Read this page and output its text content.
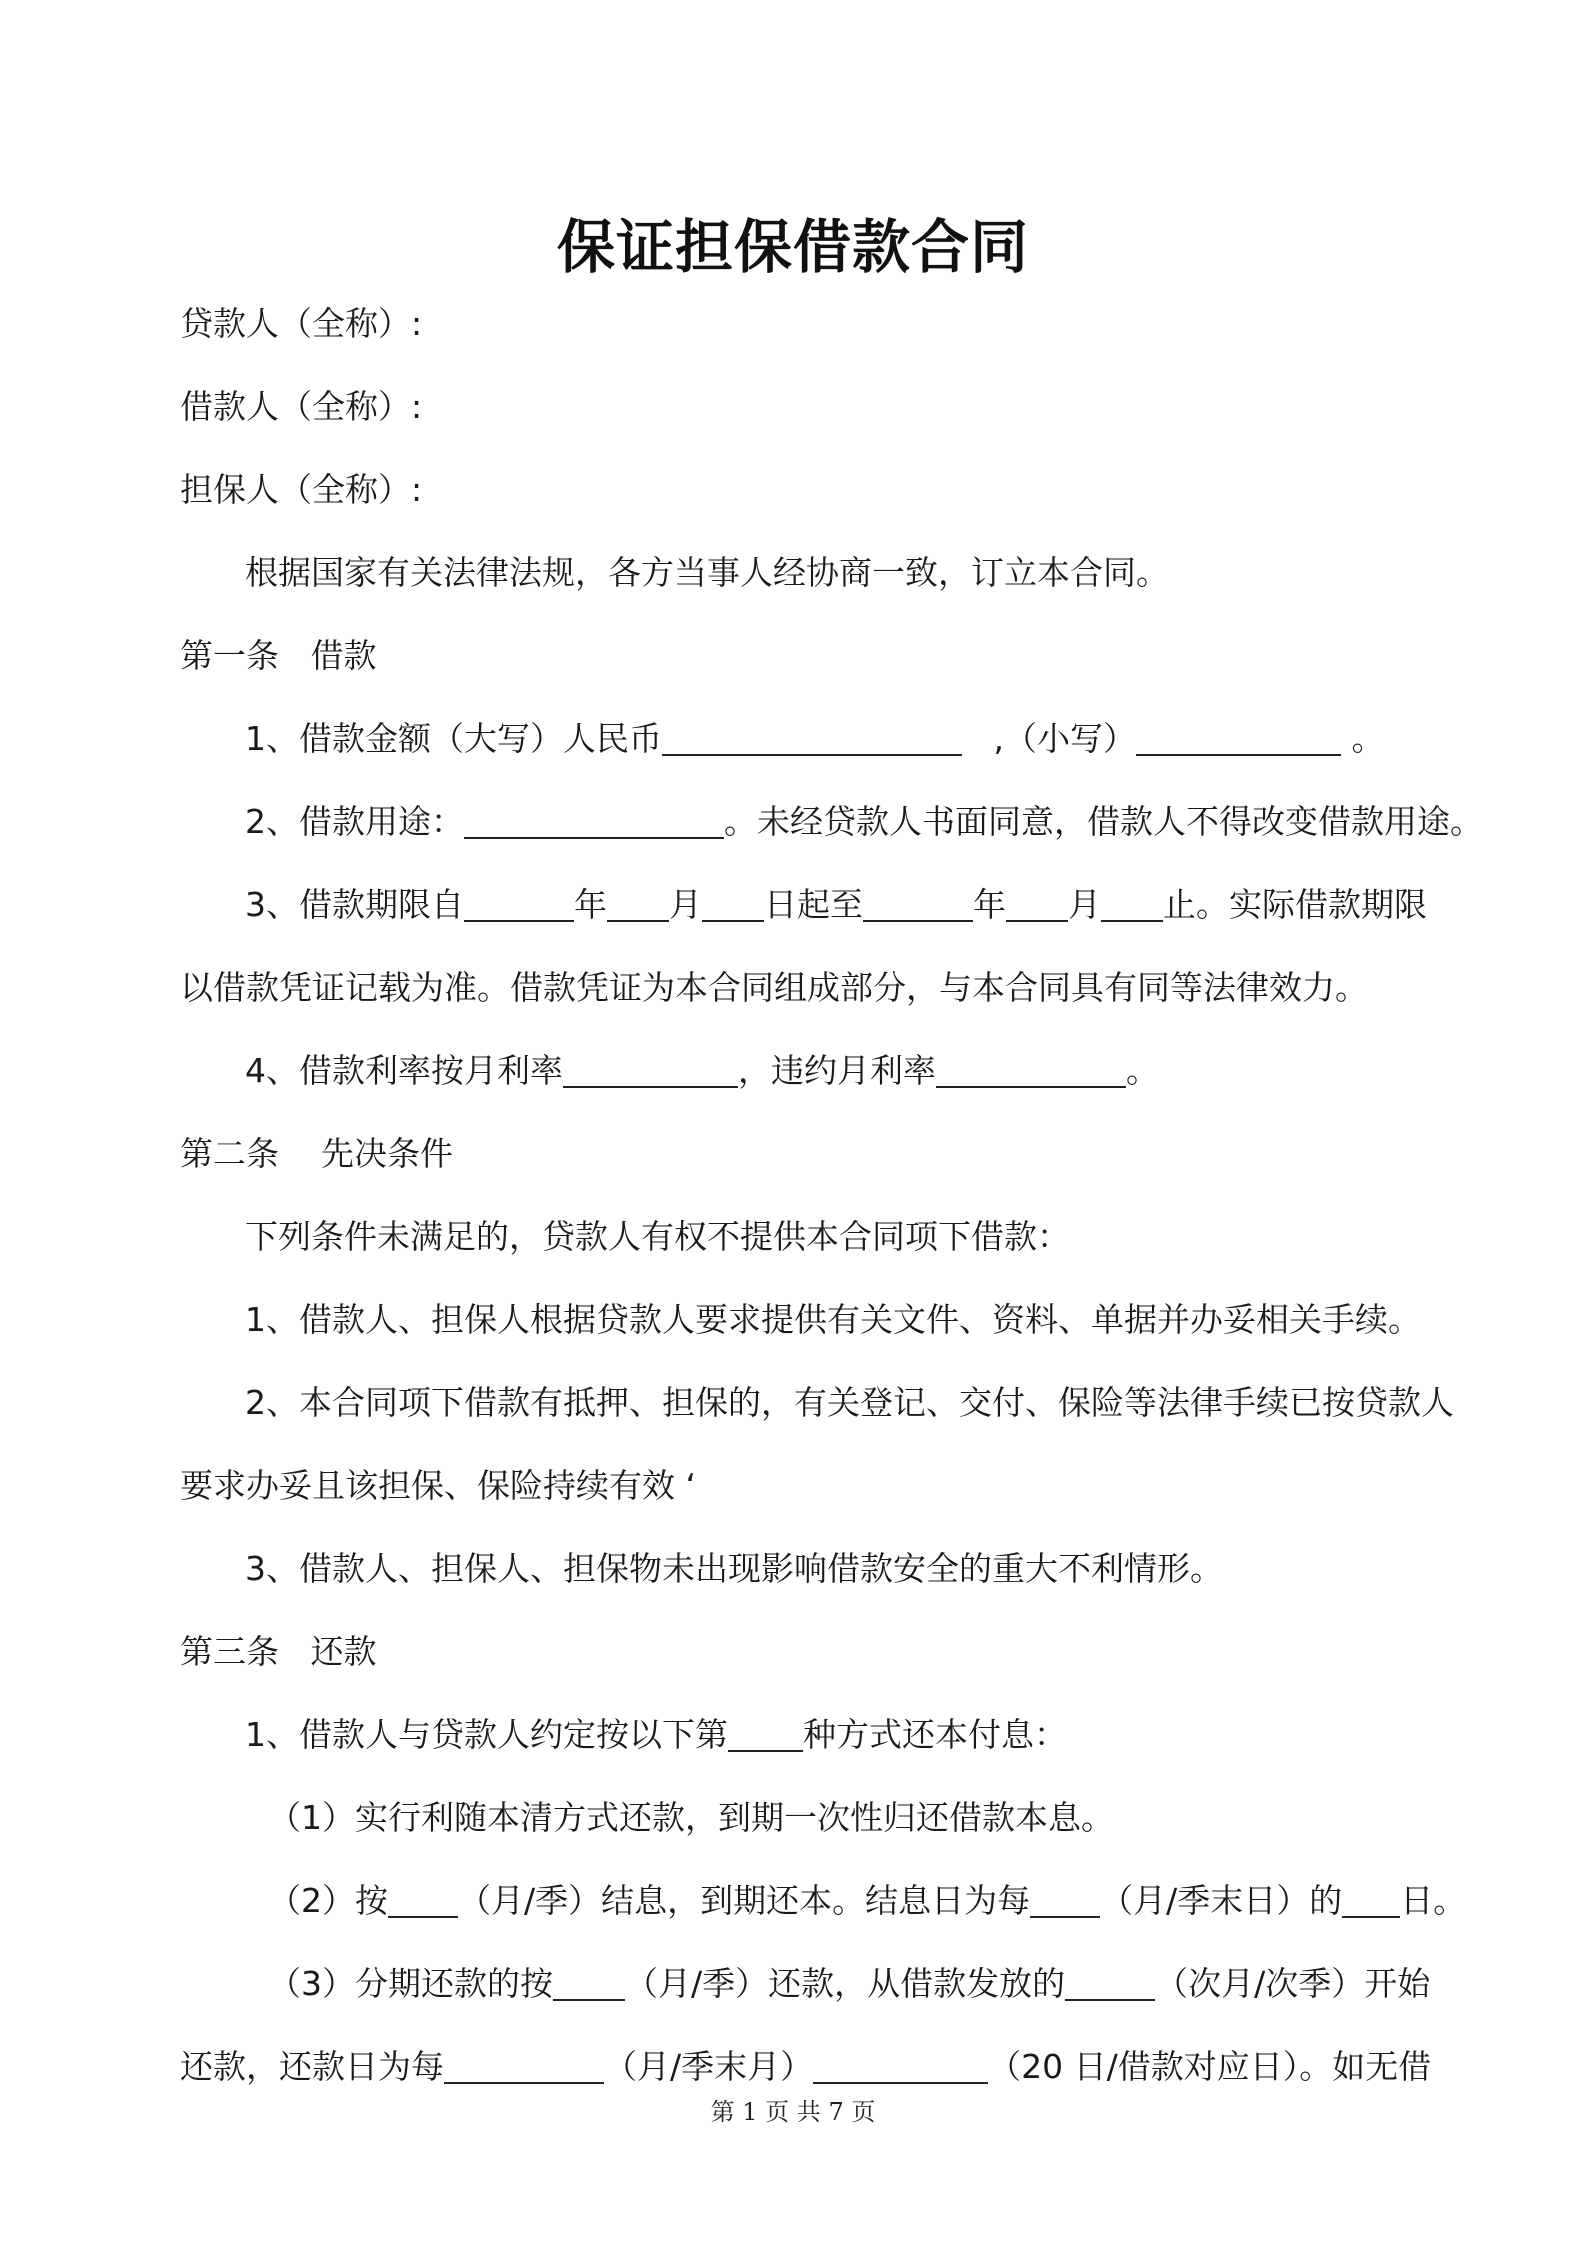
保证担保借款合同
贷款人（全称）:
借款人（全称）:
担保人（全称）:
根据国家有关法律法规，各方当事人经协商一致，订立本合同。
第一条   借款
1、借款金额（大写）人民币	,（小写）	。
2、借款用途：	。未经贷款人书面同意，借款人不得改变借款用途。
3、借款期限自	年 月 日起至	年 月 止。实际借款期限
以借款凭证记载为准。借款凭证为本合同组成部分，与本合同具有同等法律效力。
4、借款利率按月利率	，违约月利率	。
第二条    先决条件
下列条件未满足的，贷款人有权不提供本合同项下借款：
1、借款人、担保人根据贷款人要求提供有关文件、资料、单据并办妥相关手续。
2、本合同项下借款有抵押、担保的，有关登记、交付、保险等法律手续已按贷款人
要求办妥且该担保、保险持续有效 ‘
3、借款人、担保人、担保物未出现影响借款安全的重大不利情形。
第三条   还款
1、借款人与贷款人约定按以下第 种方式还本付息：
（1）实行利随本清方式还款，到期一次性归还借款本息。
（2）按 （月/季）结息，到期还本。结息日为每 （月/季末日）的 日。
（3）分期还款的按 （月/季）还款，从借款发放的	（次月/次季）开始
还款，还款日为每	（月/季末月）	（20 日/借款对应日）。如无借
第 1 页 共 7 页
